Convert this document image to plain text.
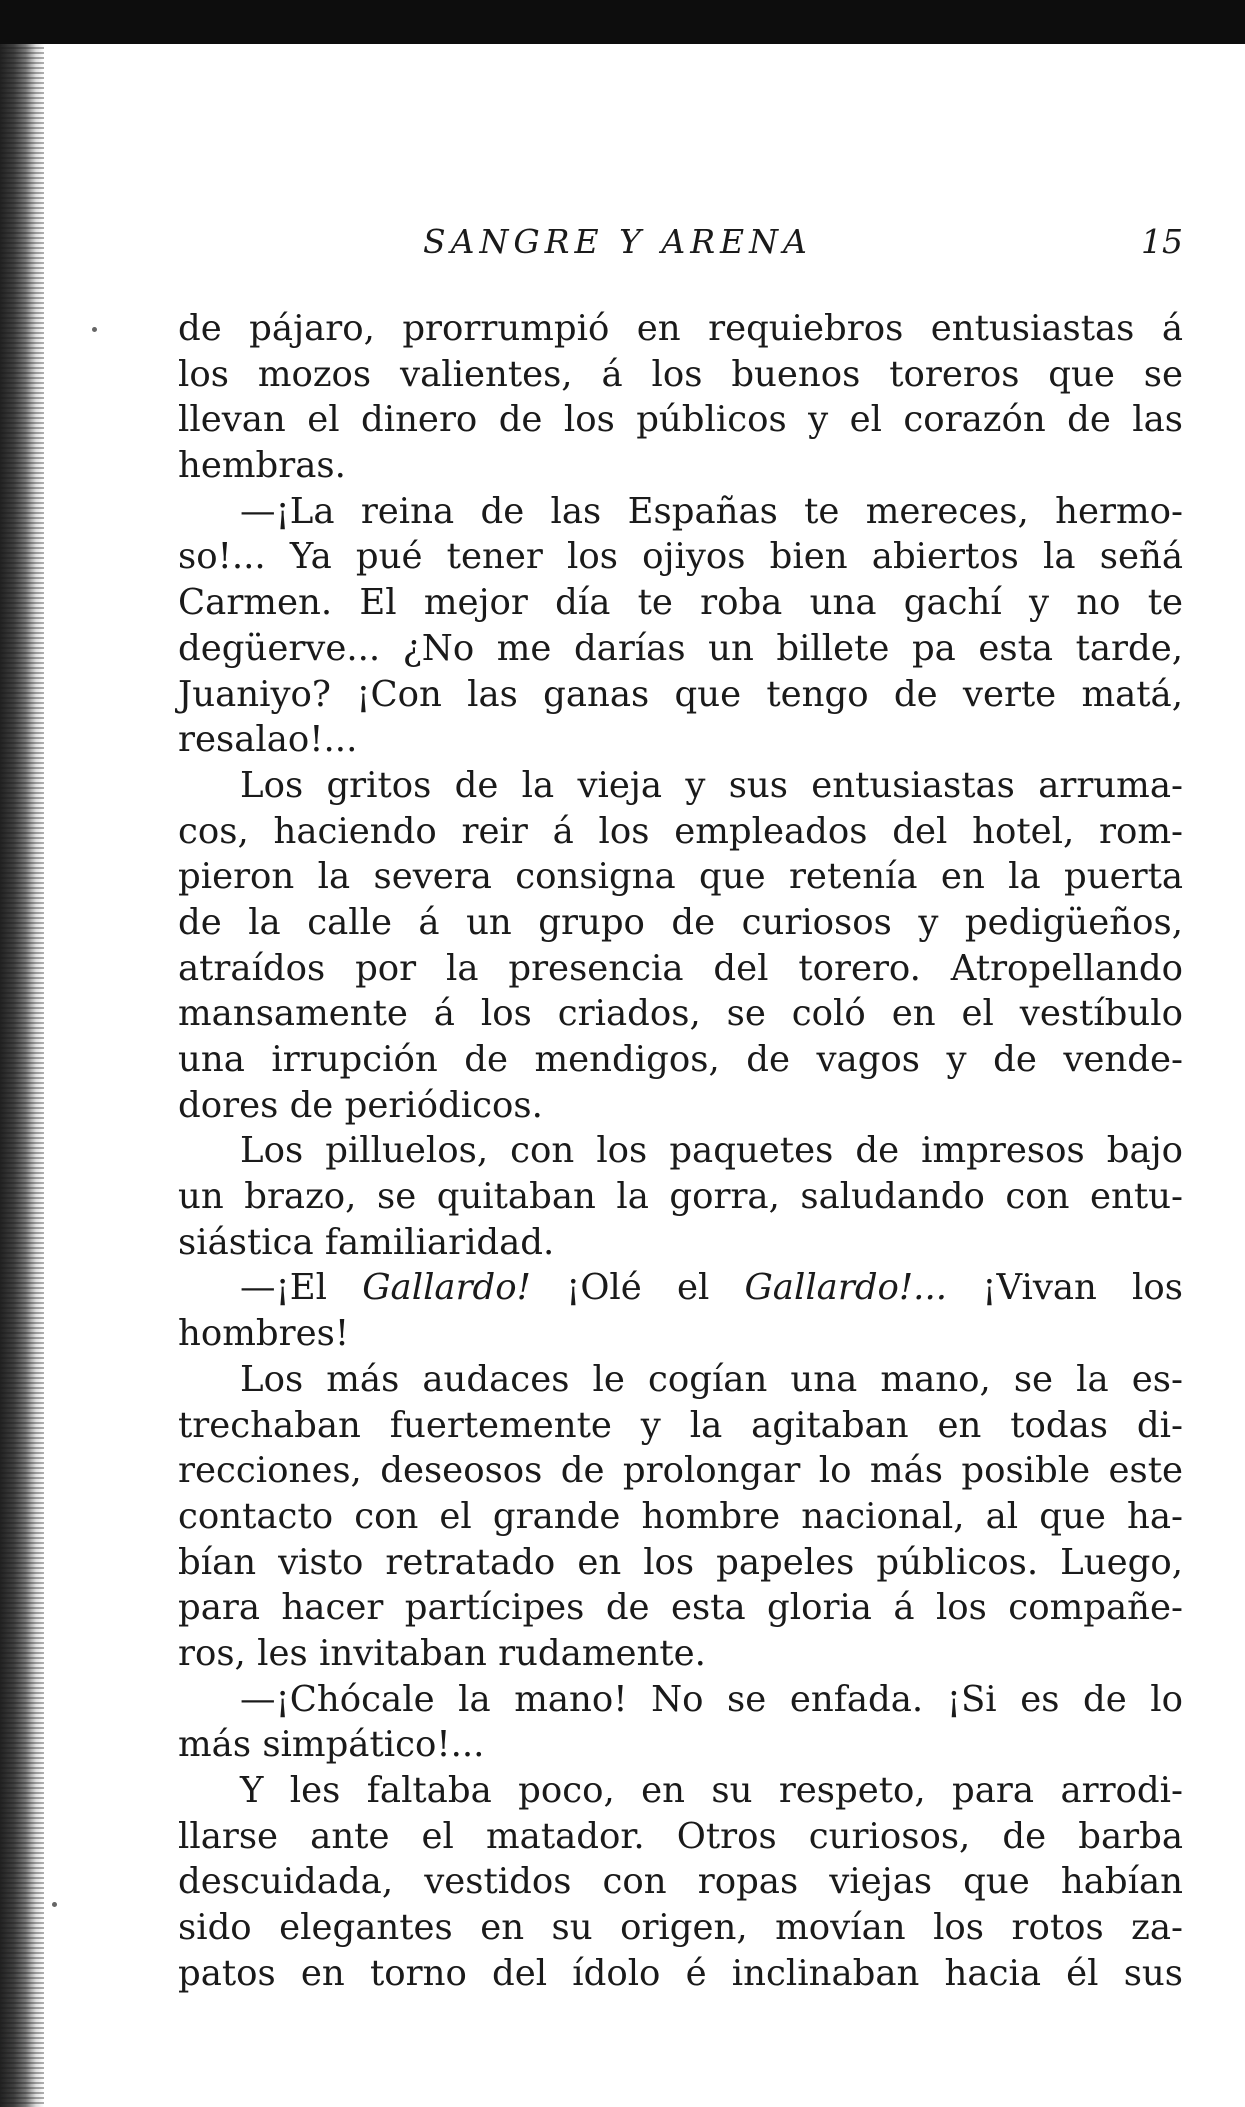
SANGRE Y ARENA	15
de pájaro, prorrumpió en requiebros entusiastas á
los mozos valientes, á los buenos toreros que se
llevan el dinero de los públicos y el corazón de las
hembras.
—¡La reina de las Españas te mereces, hermo-
so!... Ya pué tener los ojiyos bien abiertos la señá
Carmen. El mejor día te roba una gachí y no te
degüerve... ¿No me darías un billete pa esta tarde,
Juaniyo? ¡Con las ganas que tengo de verte matá,
resalao!...
Los gritos de la vieja y sus entusiastas arruma-
cos, haciendo reir á los empleados del hotel, rom-
pieron la severa consigna que retenía en la puerta
de la calle á un grupo de curiosos y pedigüeños,
atraídos por la presencia del torero. Atropellando
mansamente á los criados, se coló en el vestíbulo
una irrupción de mendigos, de vagos y de vende-
dores de periódicos.
Los pilluelos, con los paquetes de impresos bajo
un brazo, se quitaban la gorra, saludando con entu-
siástica familiaridad.
—¡El Gallardo! ¡Olé el Gallardo!... ¡Vivan los
hombres!
Los más audaces le cogían una mano, se la es-
trechaban fuertemente y la agitaban en todas di-
recciones, deseosos de prolongar lo más posible este
contacto con el grande hombre nacional, al que ha-
bían visto retratado en los papeles públicos. Luego,
para hacer partícipes de esta gloria á los compañe-
ros, les invitaban rudamente.
—¡Chócale la mano! No se enfada. ¡Si es de lo
más simpático!...
Y les faltaba poco, en su respeto, para arrodi-
llarse ante el matador. Otros curiosos, de barba
descuidada, vestidos con ropas viejas que habían
sido elegantes en su origen, movían los rotos za-
patos en torno del ídolo é inclinaban hacia él sus
